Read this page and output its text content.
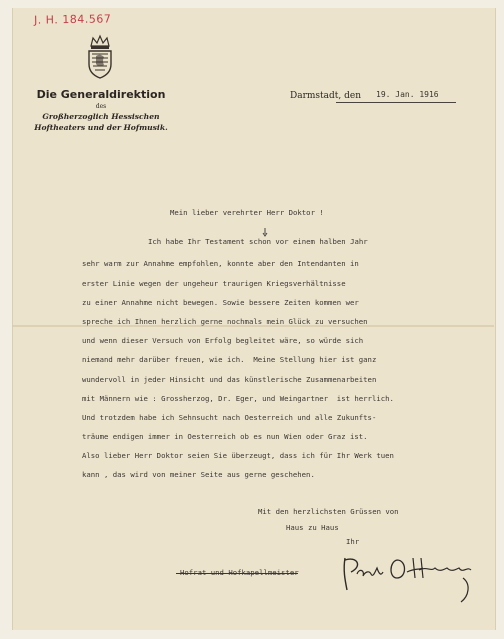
J. H. 184.567
Die Generaldirektion
des
Großherzoglich Hessischen
Hoftheaters und der Hofmusik.
Darmstadt, den 19. Jan. 1916
Mein lieber verehrter Herr Doktor !
Ich habe Ihr Testament schon vor einem halben Jahr
sehr warm zur Annahme empfohlen, konnte aber den Intendanten in
erster Linie wegen der ungeheur traurigen Kriegsverhältnisse
zu einer Annahme nicht bewegen. Sowie bessere Zeiten kommen wer
spreche ich Ihnen herzlich gerne nochmals mein Glück zu versuchen
und wenn dieser Versuch von Erfolg begleitet wäre, so würde sich
niemand mehr darüber freuen, wie ich.  Meine Stellung hier ist ganz
wundervoll in jeder Hinsicht und das künstlerische Zusammenarbeiten
mit Männern wie : Grossherzog, Dr. Eger, und Weingartner  ist herrlich.
Und trotzdem habe ich Sehnsucht nach Oesterreich und alle Zukunfts-
träume endigen immer in Oesterreich ob es nun Wien oder Graz ist.
Also lieber Herr Doktor seien Sie überzeugt, dass ich für Ihr Werk tuen
kann , das wird von meiner Seite aus gerne geschehen.
Mit den herzlichsten Grüssen von
Haus zu Haus
Ihr
